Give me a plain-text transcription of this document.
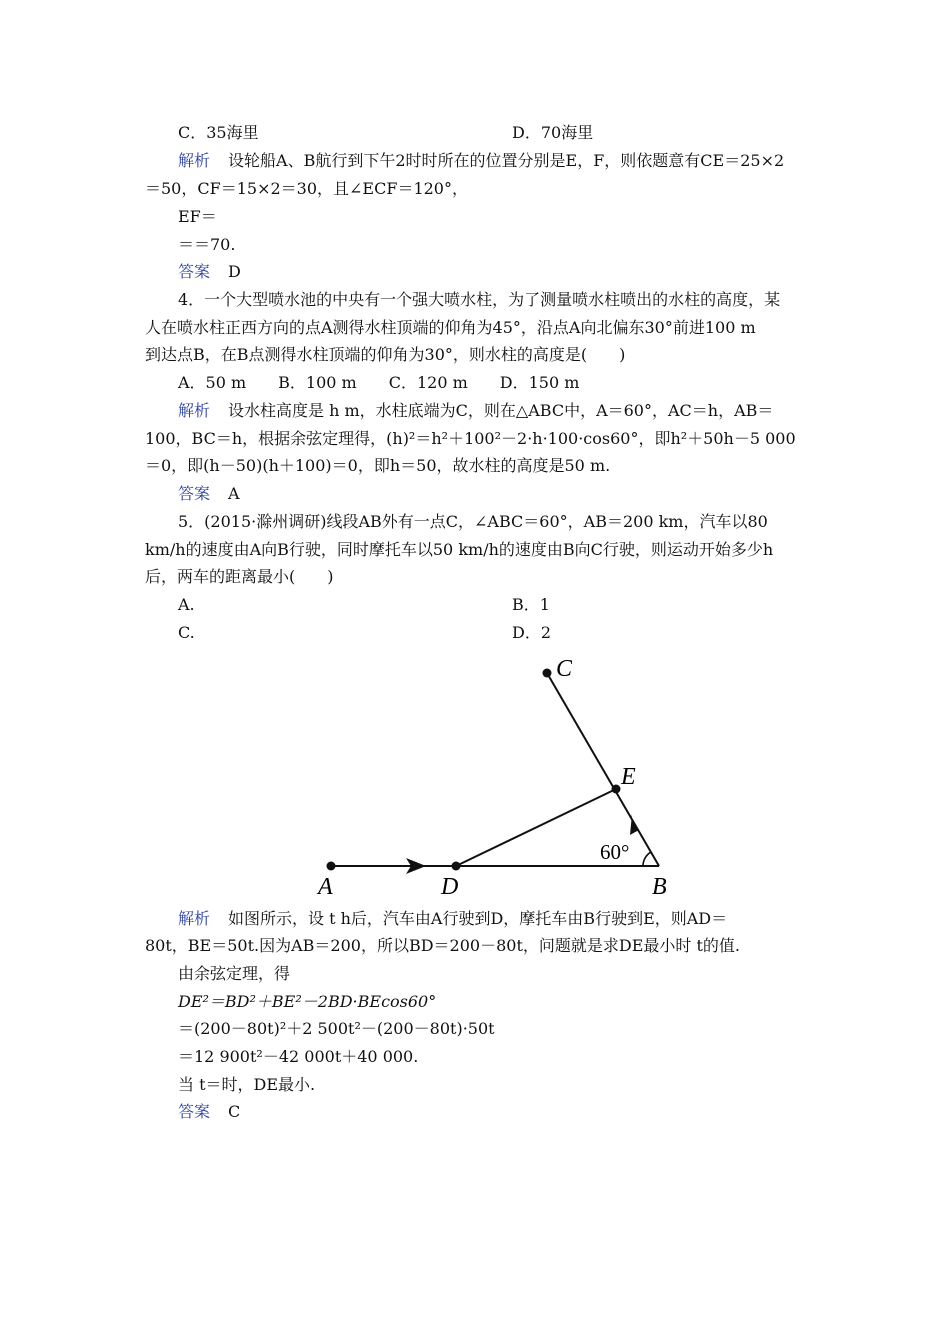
C．35海里	D．70海里
解析 设轮船A、B航行到下午2时时所在的位置分别是E，F，则依题意有CE＝25×2
＝50，CF＝15×2＝30，且∠ECF＝120°，
EF＝
＝＝70.
答案 D
4．一个大型喷水池的中央有一个强大喷水柱，为了测量喷水柱喷出的水柱的高度，某
人在喷水柱正西方向的点A测得水柱顶端的仰角为45°，沿点A向北偏东30°前进100 m
到达点B，在B点测得水柱顶端的仰角为30°，则水柱的高度是(　　)
A．50 m　　B．100 m　　C．120 m　　D．150 m
解析 设水柱高度是 h m，水柱底端为C，则在△ABC中，A＝60°，AC＝h，AB＝
100，BC＝h，根据余弦定理得，(h)²＝h²＋100²－2·h·100·cos60°，即h²＋50h－5 000
＝0，即(h－50)(h＋100)＝0，即h＝50，故水柱的高度是50 m.
答案 A
5．(2015·滁州调研)线段AB外有一点C，∠ABC＝60°，AB＝200 km，汽车以80
km/h的速度由A向B行驶，同时摩托车以50 km/h的速度由B向C行驶，则运动开始多少h
后，两车的距离最小(　　)
A.	B．1
C.	D．2
A	D	B
E
C
60°
解析 如图所示，设 t h后，汽车由A行驶到D，摩托车由B行驶到E，则AD＝
80t，BE＝50t.因为AB＝200，所以BD＝200－80t，问题就是求DE最小时 t的值.
由余弦定理，得
DE²＝BD²＋BE²－2BD·BEcos60°
＝(200－80t)²＋2 500t²－(200－80t)·50t
＝12 900t²－42 000t＋40 000.
当 t＝时，DE最小.
答案 C
